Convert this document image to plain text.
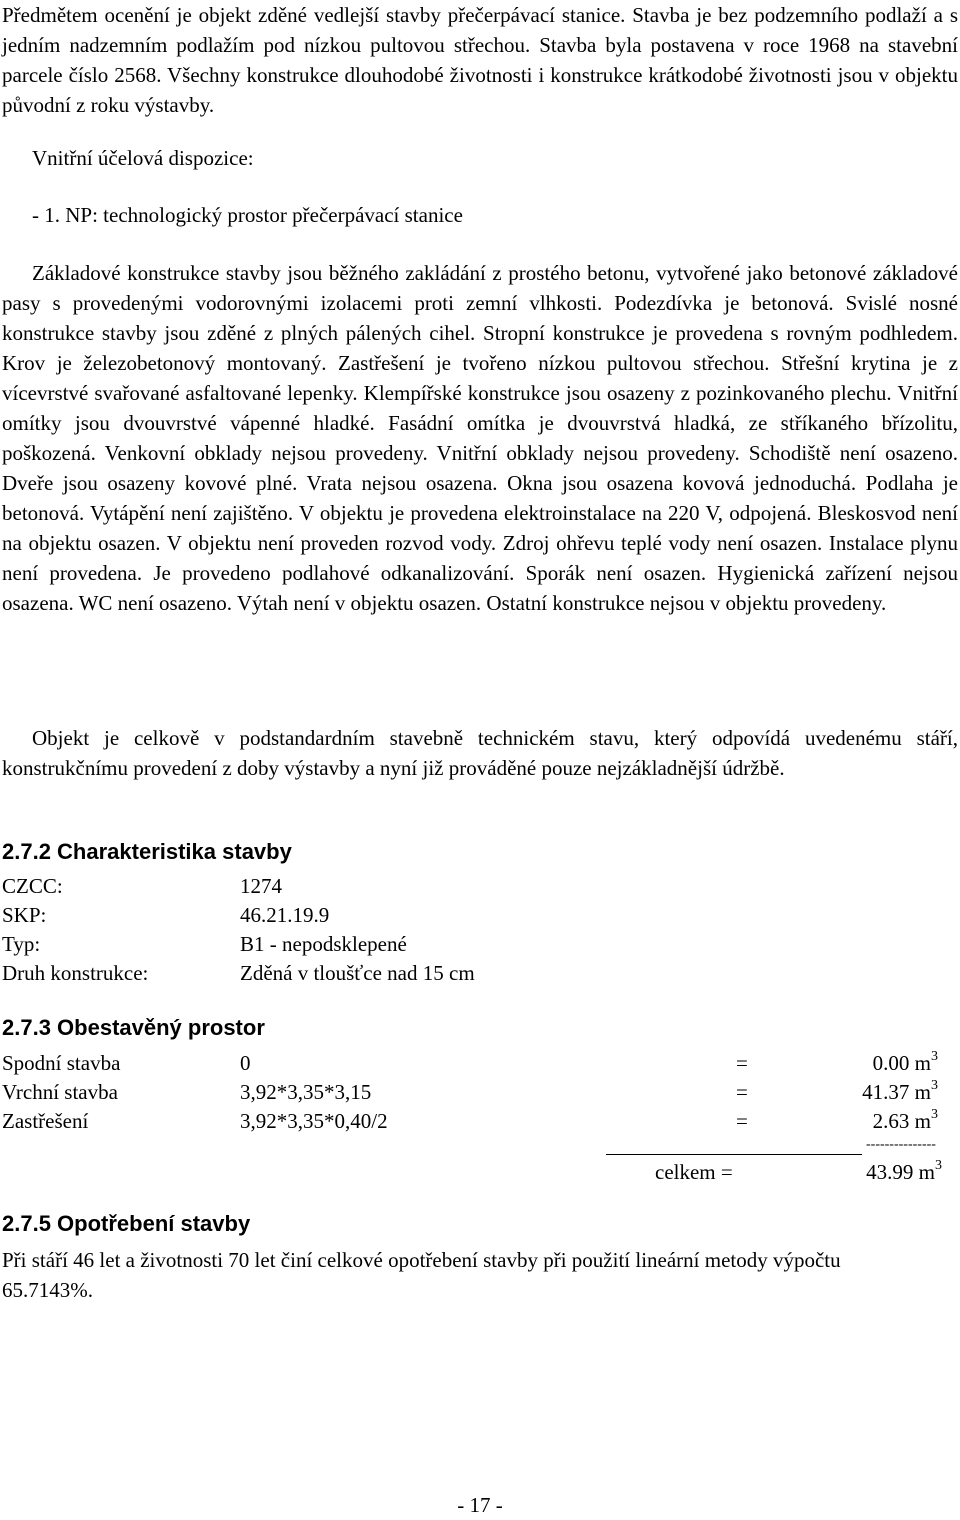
Předmětem ocenění je objekt zděné vedlejší stavby přečerpávací stanice. Stavba je bez podzemního podlaží a s jedním nadzemním podlažím pod nízkou pultovou střechou. Stavba byla postavena v roce 1968 na stavební parcele číslo 2568. Všechny konstrukce dlouhodobé životnosti i konstrukce krátkodobé životnosti jsou v objektu původní z roku výstavby.
Vnitřní účelová dispozice:
- 1. NP: technologický prostor přečerpávací stanice
Základové konstrukce stavby jsou běžného zakládání z prostého betonu, vytvořené jako betonové základové pasy s provedenými vodorovnými izolacemi proti zemní vlhkosti. Podezdívka je betonová. Svislé nosné konstrukce stavby jsou zděné z plných pálených cihel. Stropní konstrukce je provedena s rovným podhledem. Krov je železobetonový montovaný. Zastřešení je tvořeno nízkou pultovou střechou. Střešní krytina je z vícevrstvé svařované asfaltované lepenky. Klempířské konstrukce jsou osazeny z pozinkovaného plechu. Vnitřní omítky jsou dvouvrstvé vápenné hladké. Fasádní omítka je dvouvrstvá hladká, ze stříkaného břízolitu, poškozená. Venkovní obklady nejsou provedeny. Vnitřní obklady nejsou provedeny. Schodiště není osazeno. Dveře jsou osazeny kovové plné. Vrata nejsou osazena. Okna jsou osazena kovová jednoduchá. Podlaha je betonová. Vytápění není zajištěno. V objektu je provedena elektroinstalace na 220 V, odpojená. Bleskosvod není na objektu osazen. V objektu není proveden rozvod vody. Zdroj ohřevu teplé vody není osazen. Instalace plynu není provedena. Je provedeno podlahové odkanalizování. Sporák není osazen. Hygienická zařízení nejsou osazena. WC není osazeno. Výtah není v objektu osazen. Ostatní konstrukce nejsou v objektu provedeny.
Objekt je celkově v podstandardním stavebně technickém stavu, který odpovídá uvedenému stáří, konstrukčnímu provedení z doby výstavby a nyní již prováděné pouze nejzákladnější údržbě.
2.7.2 Charakteristika stavby
CZCC:	1274
SKP:	46.21.19.9
Typ:	B1 - nepodsklepené
Druh konstrukce:	Zděná v tloušťce nad 15 cm
2.7.3 Obestavěný prostor
Spodní stavba	0	=	0.00 $m^3$
Vrchní stavba	3,92*3,35*3,15	=	41.37 $m^3$
Zastřešení	3,92*3,35*0,40/2	=	2.63 $m^3$
---------------
celkem =	43.99 $m^3$
2.7.5 Opotřebení stavby
Při stáří 46 let a životnosti 70 let činí celkové opotřebení stavby při použití lineární metody výpočtu 65.7143%.
- 17 -
